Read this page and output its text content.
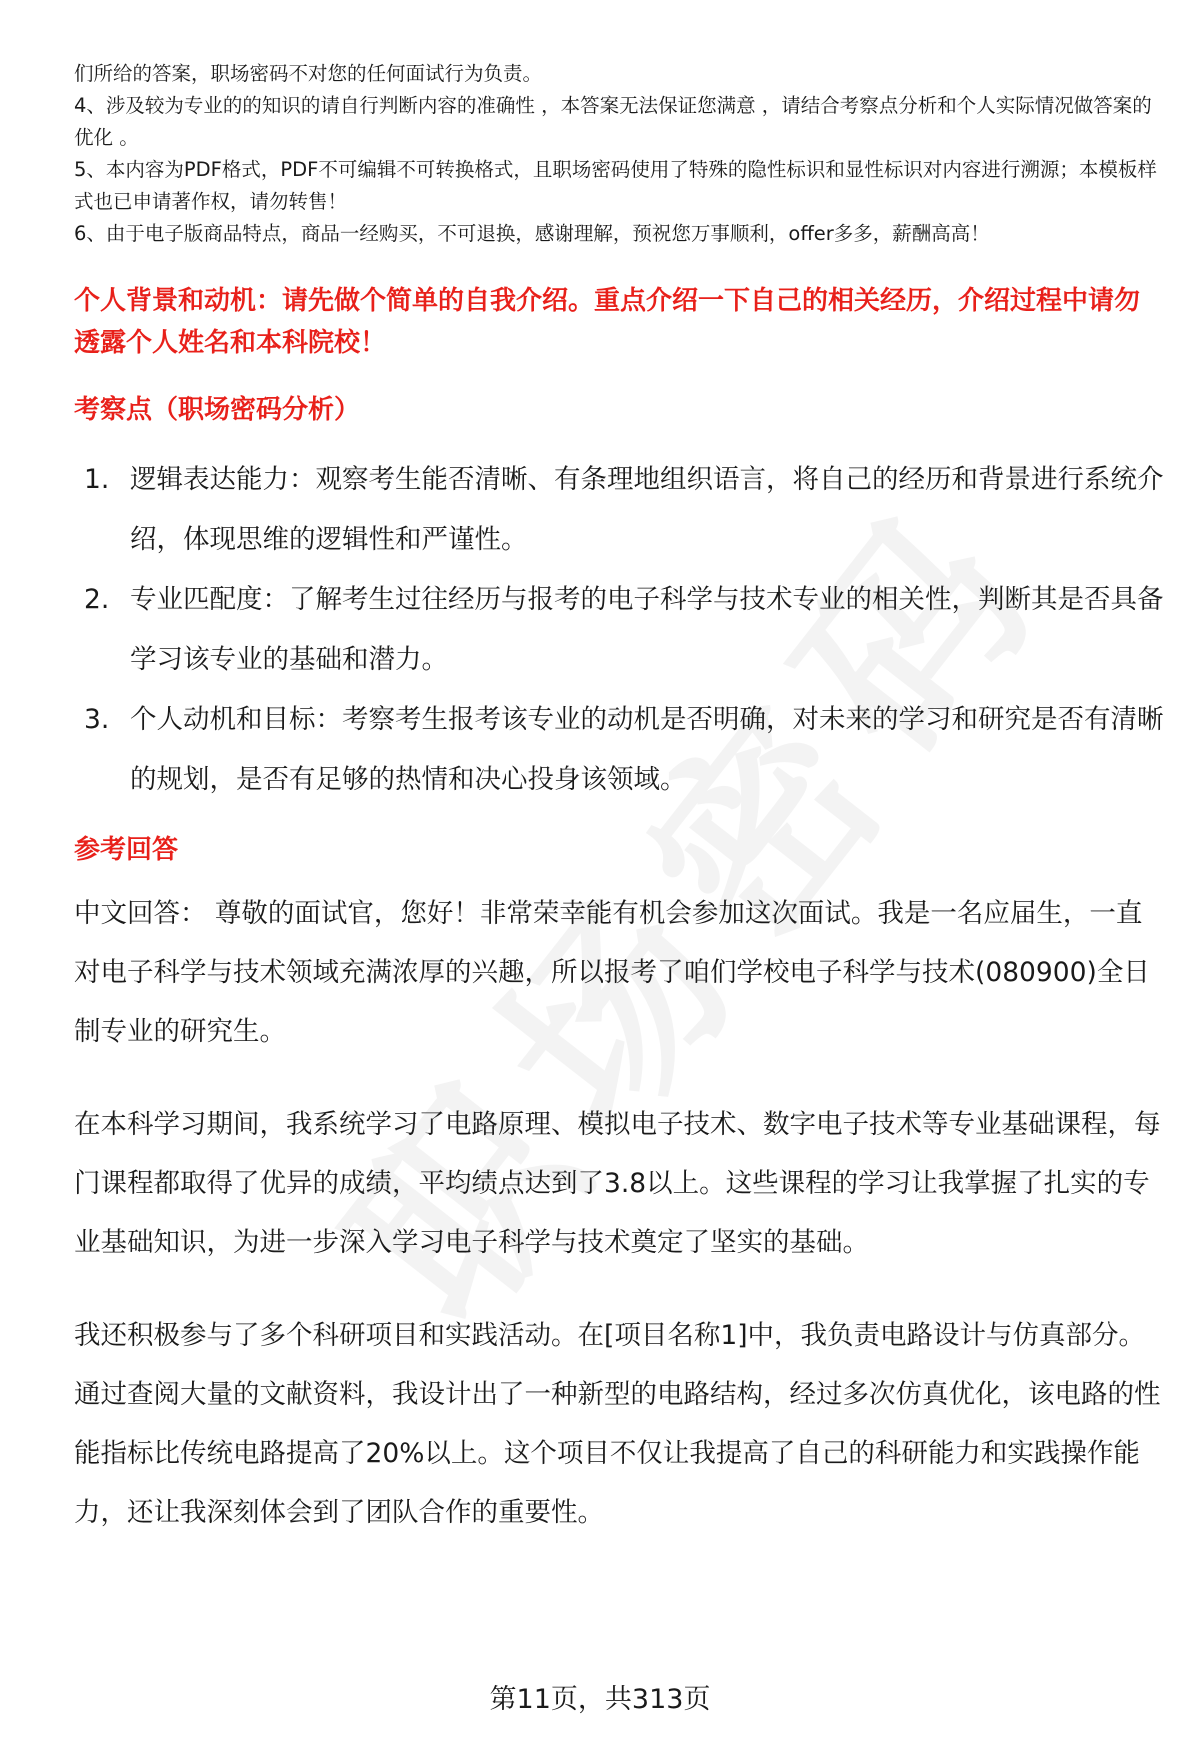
们所给的答案，职场密码不对您的任何面试行为负责。

4、涉及较为专业的的知识的请自行判断内容的准确性 ，本答案无法保证您满意 ，请结合考察点分析和个人实际情况做答案的优化 。

5、本内容为PDF格式，PDF不可编辑不可转换格式，且职场密码使用了特殊的隐性标识和显性标识对内容进行溯源；本模板样式也已申请著作权，请勿转售！

6、由于电子版商品特点，商品一经购买，不可退换，感谢理解，预祝您万事顺利，offer多多，薪酬高高！

个人背景和动机：请先做个简单的自我介绍。重点介绍一下自己的相关经历，介绍过程中请勿透露个人姓名和本科院校！
考察点（职场密码分析）
1. 逻辑表达能力：观察考生能否清晰、有条理地组织语言，将自己的经历和背景进行系统介绍，体现思维的逻辑性和严谨性。
2. 专业匹配度：了解考生过往经历与报考的电子科学与技术专业的相关性，判断其是否具备学习该专业的基础和潜力。
3. 个人动机和目标：考察考生报考该专业的动机是否明确，对未来的学习和研究是否有清晰的规划，是否有足够的热情和决心投身该领域。
参考回答

中文回答： 尊敬的面试官，您好！非常荣幸能有机会参加这次面试。我是一名应届生，一直对电子科学与技术领域充满浓厚的兴趣，所以报考了咱们学校电子科学与技术(080900)全日制专业的研究生。

在本科学习期间，我系统学习了电路原理、模拟电子技术、数字电子技术等专业基础课程，每门课程都取得了优异的成绩，平均绩点达到了3.8以上。这些课程的学习让我掌握了扎实的专业基础知识，为进一步深入学习电子科学与技术奠定了坚实的基础。

我还积极参与了多个科研项目和实践活动。在[项目名称1]中，我负责电路设计与仿真部分。通过查阅大量的文献资料，我设计出了一种新型的电路结构，经过多次仿真优化，该电路的性能指标比传统电路提高了20%以上。这个项目不仅让我提高了自己的科研能力和实践操作能力，还让我深刻体会到了团队合作的重要性。

第11页，共313页
